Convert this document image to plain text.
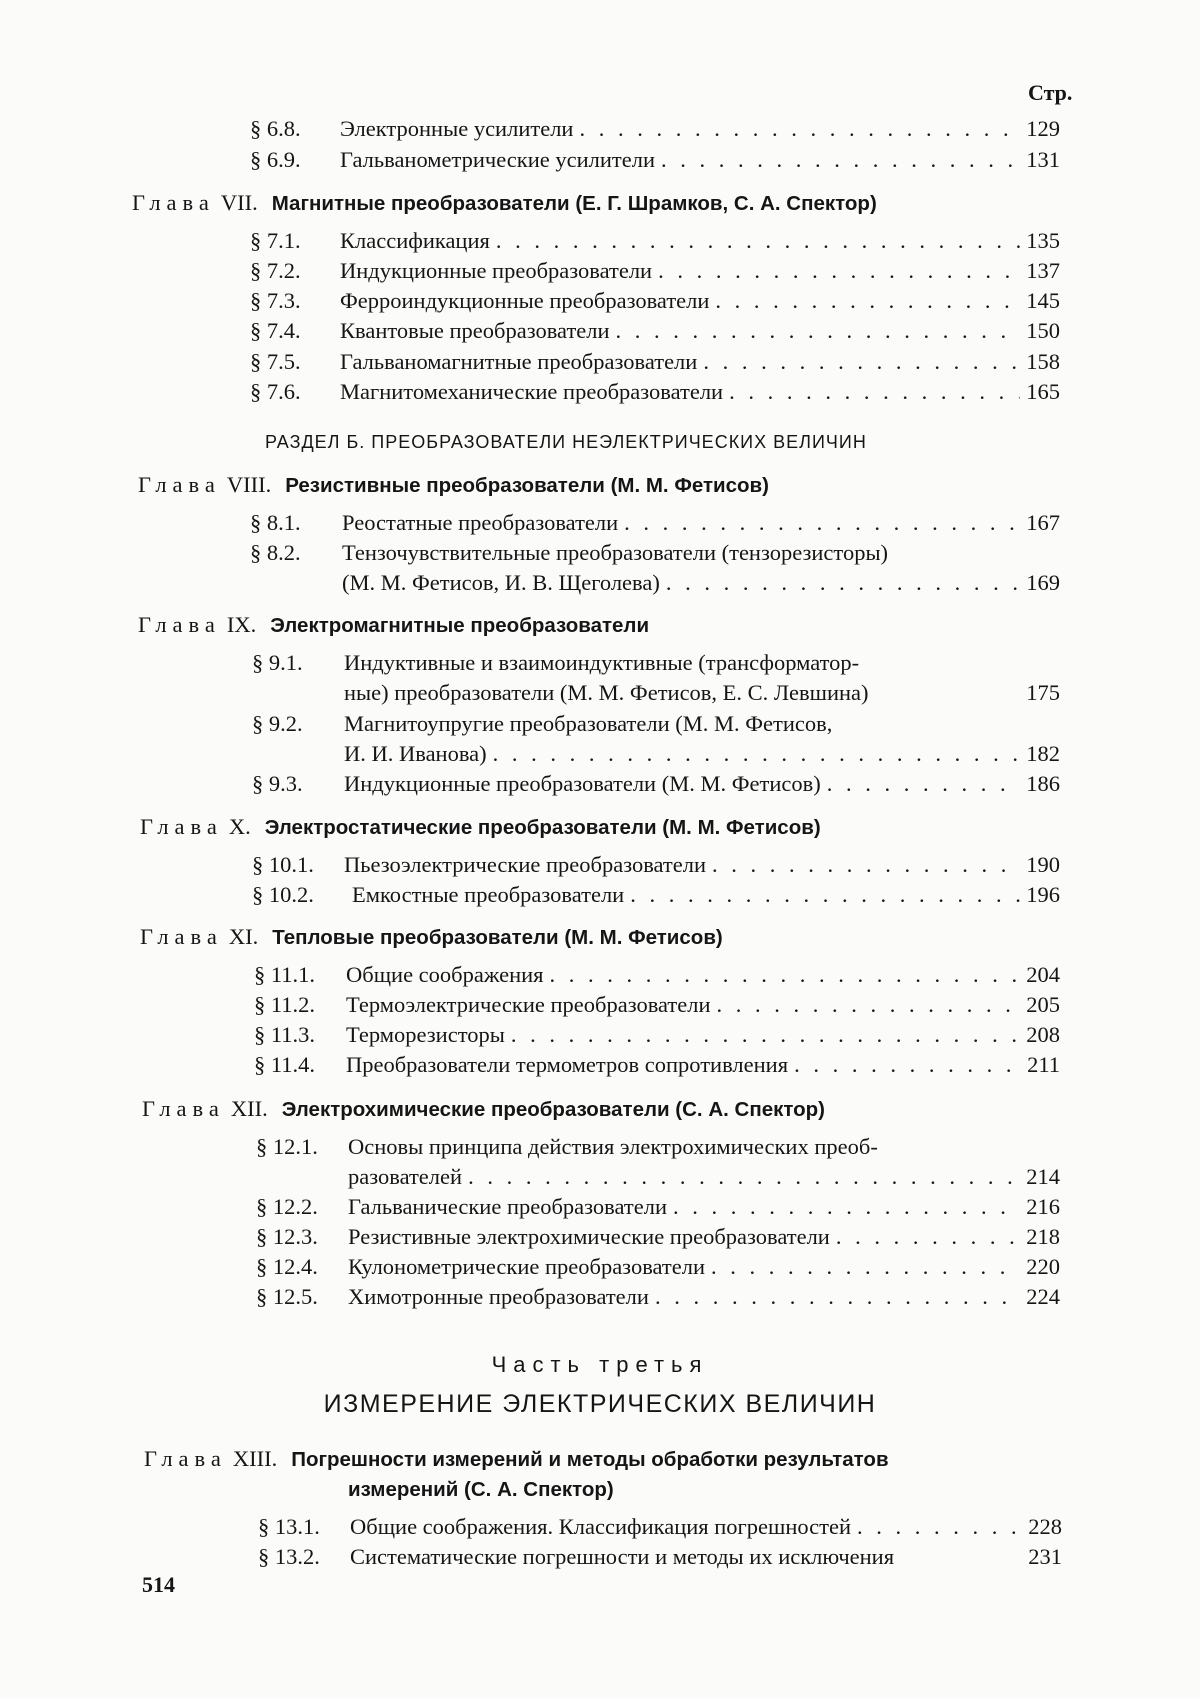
Стр.
§ 6.8.	Электронные усилители . . .	129
§ 6.9.	Гальванометрические усилители . . .	131
Глава VII. Магнитные преобразователи (Е. Г. Шрамков, С. А. Спектор)
§ 7.1.	Классификация . . .	135
§ 7.2.	Индукционные преобразователи . . .	137
§ 7.3.	Ферроиндукционные преобразователи . . .	145
§ 7.4.	Квантовые преобразователи . . .	150
§ 7.5.	Гальваномагнитные преобразователи . . .	158
§ 7.6.	Магнитомеханические преобразователи . . .	165
РАЗДЕЛ Б. ПРЕОБРАЗОВАТЕЛИ НЕЭЛЕКТРИЧЕСКИХ ВЕЛИЧИН
Глава VIII. Резистивные преобразователи (М. М. Фетисов)
§ 8.1.	Реостатные преобразователи . . .	167
§ 8.2. Тензочувствительные преобразователи (тензорезисторы)
(М. М. Фетисов, И. В. Щеголева) . . .	169
Глава IX. Электромагнитные преобразователи
§ 9.1. Индуктивные и взаимоиндуктивные (трансформатор-
ные) преобразователи (М. М. Фетисов, Е. С. Левшина)	175
§ 9.2. Магнитоупругие преобразователи (М. М. Фетисов,
И. И. Иванова) . . .	182
§ 9.3.	Индукционные преобразователи (М. М. Фетисов) . . .	186
Глава X. Электростатические преобразователи (М. М. Фетисов)
§ 10.1.	Пьезоэлектрические преобразователи . . .	190
§ 10.2.	Емкостные преобразователи . . .	196
Глава XI. Тепловые преобразователи (М. М. Фетисов)
§ 11.1.	Общие соображения . . .	204
§ 11.2.	Термоэлектрические преобразователи . . .	205
§ 11.3.	Терморезисторы . . .	208
§ 11.4.	Преобразователи термометров сопротивления . . .	211
Глава XII. Электрохимические преобразователи (С. А. Спектор)
§ 12.1. Основы принципа действия электрохимических преоб-
разователей . . .	214
§ 12.2.	Гальванические преобразователи . . .	216
§ 12.3.	Резистивные электрохимические преобразователи . . .	218
§ 12.4.	Кулонометрические преобразователи . . .	220
§ 12.5.	Химотронные преобразователи . . .	224
Часть третья
ИЗМЕРЕНИЕ ЭЛЕКТРИЧЕСКИХ ВЕЛИЧИН
Глава XIII. Погрешности измерений и методы обработки результатов
измерений (С. А. Спектор)
§ 13.1.	Общие соображения. Классификация погрешностей . . .	228
§ 13.2.	Систематические погрешности и методы их исключения	231
514
